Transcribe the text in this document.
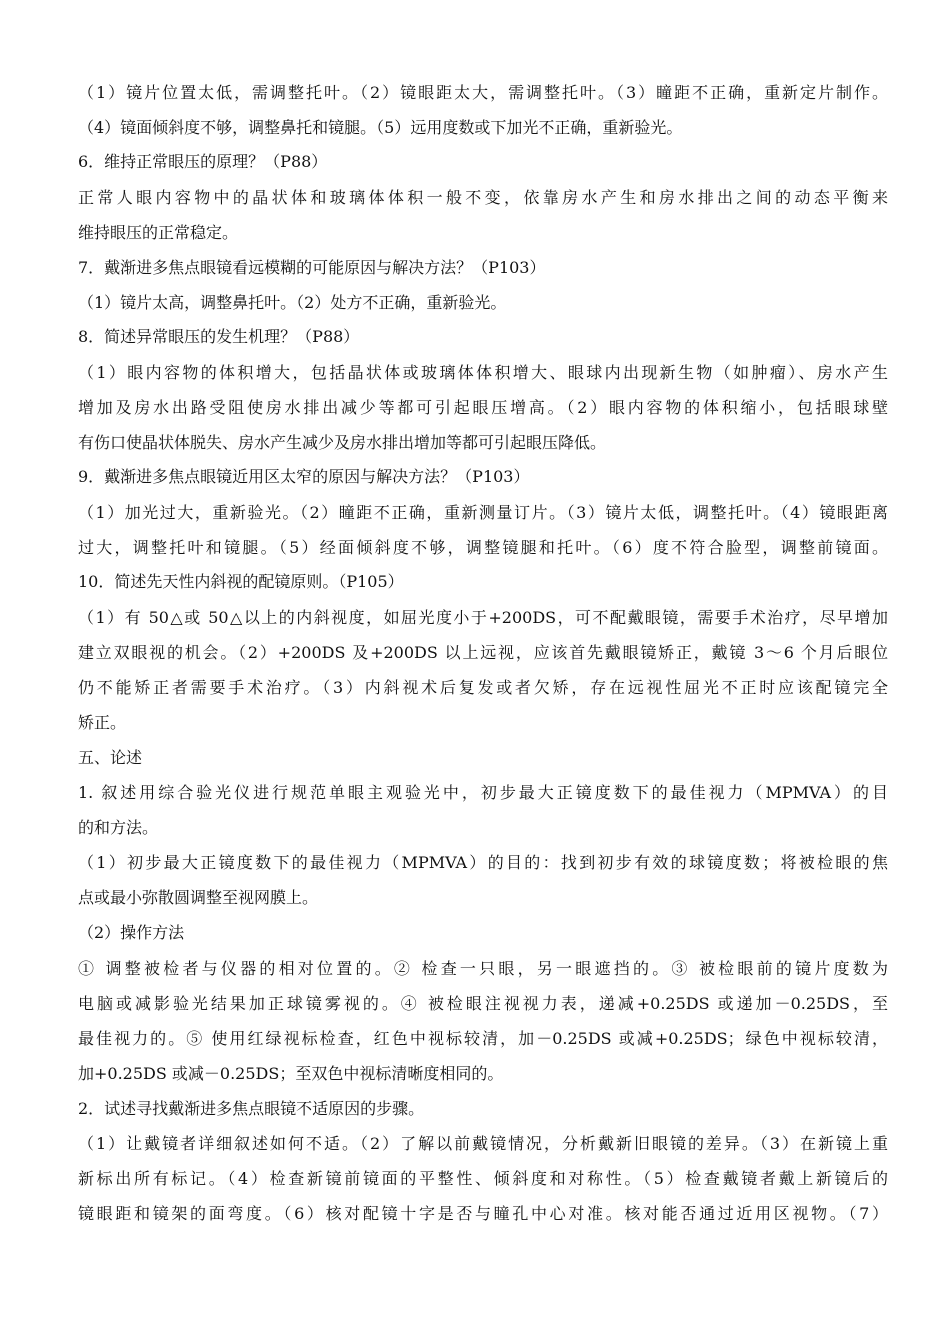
（1）镜片位置太低，需调整托叶。（2）镜眼距太大，需调整托叶。（3）瞳距不正确，重新定片制作。
（4）镜面倾斜度不够，调整鼻托和镜腿。（5）远用度数或下加光不正确，重新验光。
6．维持正常眼压的原理？（P88）
正常人眼内容物中的晶状体和玻璃体体积一般不变，依靠房水产生和房水排出之间的动态平衡来
维持眼压的正常稳定。
7．戴渐进多焦点眼镜看远模糊的可能原因与解决方法？（P103）
（1）镜片太高，调整鼻托叶。（2）处方不正确，重新验光。
8．简述异常眼压的发生机理？（P88）
（1）眼内容物的体积增大，包括晶状体或玻璃体体积增大、眼球内出现新生物（如肿瘤）、房水产生
增加及房水出路受阻使房水排出减少等都可引起眼压增高。（2）眼内容物的体积缩小，包括眼球壁
有伤口使晶状体脱失、房水产生减少及房水排出增加等都可引起眼压降低。
9．戴渐进多焦点眼镜近用区太窄的原因与解决方法？（P103）
（1）加光过大，重新验光。（2）瞳距不正确，重新测量订片。（3）镜片太低，调整托叶。（4）镜眼距离
过大，调整托叶和镜腿。（5）经面倾斜度不够，调整镜腿和托叶。（6）度不符合脸型，调整前镜面。
10．简述先天性内斜视的配镜原则。（P105）
（1）有 50△或 50△以上的内斜视度，如屈光度小于+200DS，可不配戴眼镜，需要手术治疗，尽早增加
建立双眼视的机会。（2）+200DS 及+200DS 以上远视，应该首先戴眼镜矫正，戴镜 3～6 个月后眼位
仍不能矫正者需要手术治疗。（3）内斜视术后复发或者欠矫，存在远视性屈光不正时应该配镜完全
矫正。
五、论述
1. 叙述用综合验光仪进行规范单眼主观验光中，初步最大正镜度数下的最佳视力（MPMVA）的目
的和方法。
（1）初步最大正镜度数下的最佳视力（MPMVA）的目的：找到初步有效的球镜度数；将被检眼的焦
点或最小弥散圆调整至视网膜上。
（2）操作方法
① 调整被检者与仪器的相对位置的。② 检查一只眼，另一眼遮挡的。③ 被检眼前的镜片度数为
电脑或减影验光结果加正球镜雾视的。④ 被检眼注视视力表，递减+0.25DS 或递加－0.25DS，至
最佳视力的。⑤ 使用红绿视标检查，红色中视标较清，加－0.25DS 或减+0.25DS；绿色中视标较清，
加+0.25DS 或减－0.25DS；至双色中视标清晰度相同的。
2．试述寻找戴渐进多焦点眼镜不适原因的步骤。
（1）让戴镜者详细叙述如何不适。（2）了解以前戴镜情况，分析戴新旧眼镜的差异。（3）在新镜上重
新标出所有标记。（4）检查新镜前镜面的平整性、倾斜度和对称性。（5）检查戴镜者戴上新镜后的
镜眼距和镜架的面弯度。（6）核对配镜十字是否与瞳孔中心对准。核对能否通过近用区视物。（7）
